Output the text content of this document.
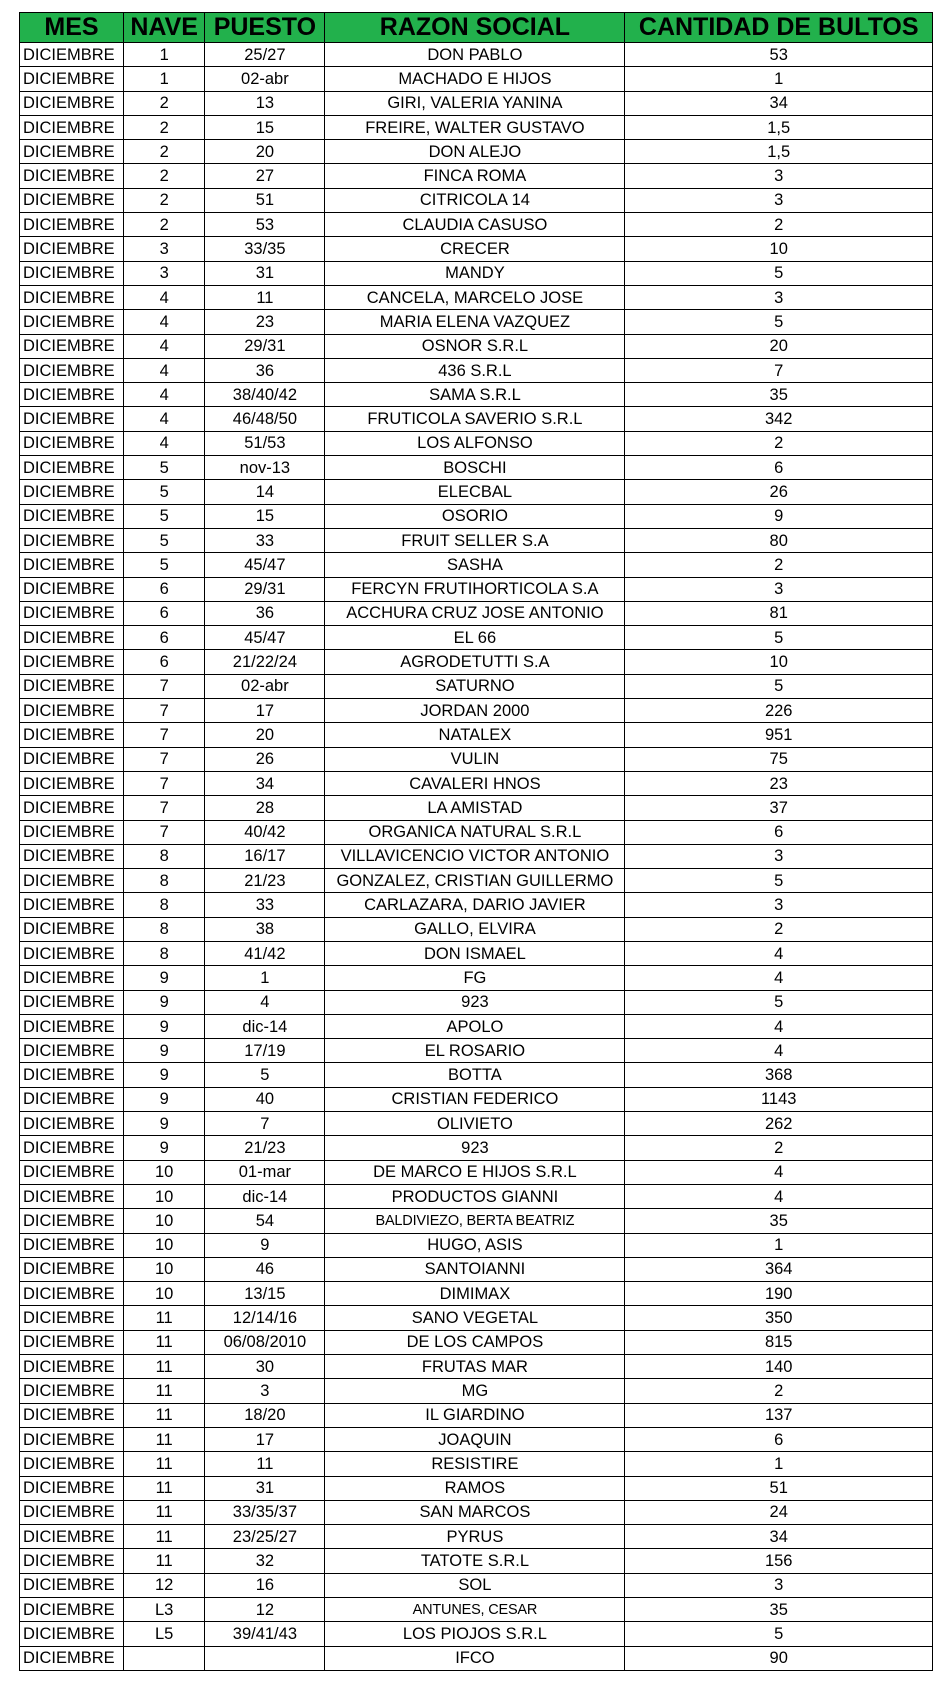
MES	NAVE	PUESTO	RAZON SOCIAL	CANTIDAD DE BULTOS
DICIEMBRE	1	25/27	DON PABLO	53
DICIEMBRE	1	02-abr	MACHADO E HIJOS	1
DICIEMBRE	2	13	GIRI, VALERIA YANINA	34
DICIEMBRE	2	15	FREIRE, WALTER GUSTAVO	1,5
DICIEMBRE	2	20	DON ALEJO	1,5
DICIEMBRE	2	27	FINCA ROMA	3
DICIEMBRE	2	51	CITRICOLA 14	3
DICIEMBRE	2	53	CLAUDIA CASUSO	2
DICIEMBRE	3	33/35	CRECER	10
DICIEMBRE	3	31	MANDY	5
DICIEMBRE	4	11	CANCELA, MARCELO JOSE	3
DICIEMBRE	4	23	MARIA ELENA VAZQUEZ	5
DICIEMBRE	4	29/31	OSNOR S.R.L	20
DICIEMBRE	4	36	436 S.R.L	7
DICIEMBRE	4	38/40/42	SAMA S.R.L	35
DICIEMBRE	4	46/48/50	FRUTICOLA SAVERIO S.R.L	342
DICIEMBRE	4	51/53	LOS ALFONSO	2
DICIEMBRE	5	nov-13	BOSCHI	6
DICIEMBRE	5	14	ELECBAL	26
DICIEMBRE	5	15	OSORIO	9
DICIEMBRE	5	33	FRUIT SELLER S.A	80
DICIEMBRE	5	45/47	SASHA	2
DICIEMBRE	6	29/31	FERCYN FRUTIHORTICOLA S.A	3
DICIEMBRE	6	36	ACCHURA CRUZ JOSE ANTONIO	81
DICIEMBRE	6	45/47	EL 66	5
DICIEMBRE	6	21/22/24	AGRODETUTTI S.A	10
DICIEMBRE	7	02-abr	SATURNO	5
DICIEMBRE	7	17	JORDAN 2000	226
DICIEMBRE	7	20	NATALEX	951
DICIEMBRE	7	26	VULIN	75
DICIEMBRE	7	34	CAVALERI HNOS	23
DICIEMBRE	7	28	LA AMISTAD	37
DICIEMBRE	7	40/42	ORGANICA NATURAL S.R.L	6
DICIEMBRE	8	16/17	VILLAVICENCIO VICTOR ANTONIO	3
DICIEMBRE	8	21/23	GONZALEZ, CRISTIAN GUILLERMO	5
DICIEMBRE	8	33	CARLAZARA, DARIO JAVIER	3
DICIEMBRE	8	38	GALLO, ELVIRA	2
DICIEMBRE	8	41/42	DON ISMAEL	4
DICIEMBRE	9	1	FG	4
DICIEMBRE	9	4	923	5
DICIEMBRE	9	dic-14	APOLO	4
DICIEMBRE	9	17/19	EL ROSARIO	4
DICIEMBRE	9	5	BOTTA	368
DICIEMBRE	9	40	CRISTIAN FEDERICO	1143
DICIEMBRE	9	7	OLIVIETO	262
DICIEMBRE	9	21/23	923	2
DICIEMBRE	10	01-mar	DE MARCO E HIJOS S.R.L	4
DICIEMBRE	10	dic-14	PRODUCTOS GIANNI	4
DICIEMBRE	10	54	BALDIVIEZO, BERTA BEATRIZ	35
DICIEMBRE	10	9	HUGO, ASIS	1
DICIEMBRE	10	46	SANTOIANNI	364
DICIEMBRE	10	13/15	DIMIMAX	190
DICIEMBRE	11	12/14/16	SANO VEGETAL	350
DICIEMBRE	11	06/08/2010	DE LOS CAMPOS	815
DICIEMBRE	11	30	FRUTAS MAR	140
DICIEMBRE	11	3	MG	2
DICIEMBRE	11	18/20	IL GIARDINO	137
DICIEMBRE	11	17	JOAQUIN	6
DICIEMBRE	11	11	RESISTIRE	1
DICIEMBRE	11	31	RAMOS	51
DICIEMBRE	11	33/35/37	SAN MARCOS	24
DICIEMBRE	11	23/25/27	PYRUS	34
DICIEMBRE	11	32	TATOTE S.R.L	156
DICIEMBRE	12	16	SOL	3
DICIEMBRE	L3	12	ANTUNES, CESAR	35
DICIEMBRE	L5	39/41/43	LOS PIOJOS S.R.L	5
DICIEMBRE			IFCO	90
